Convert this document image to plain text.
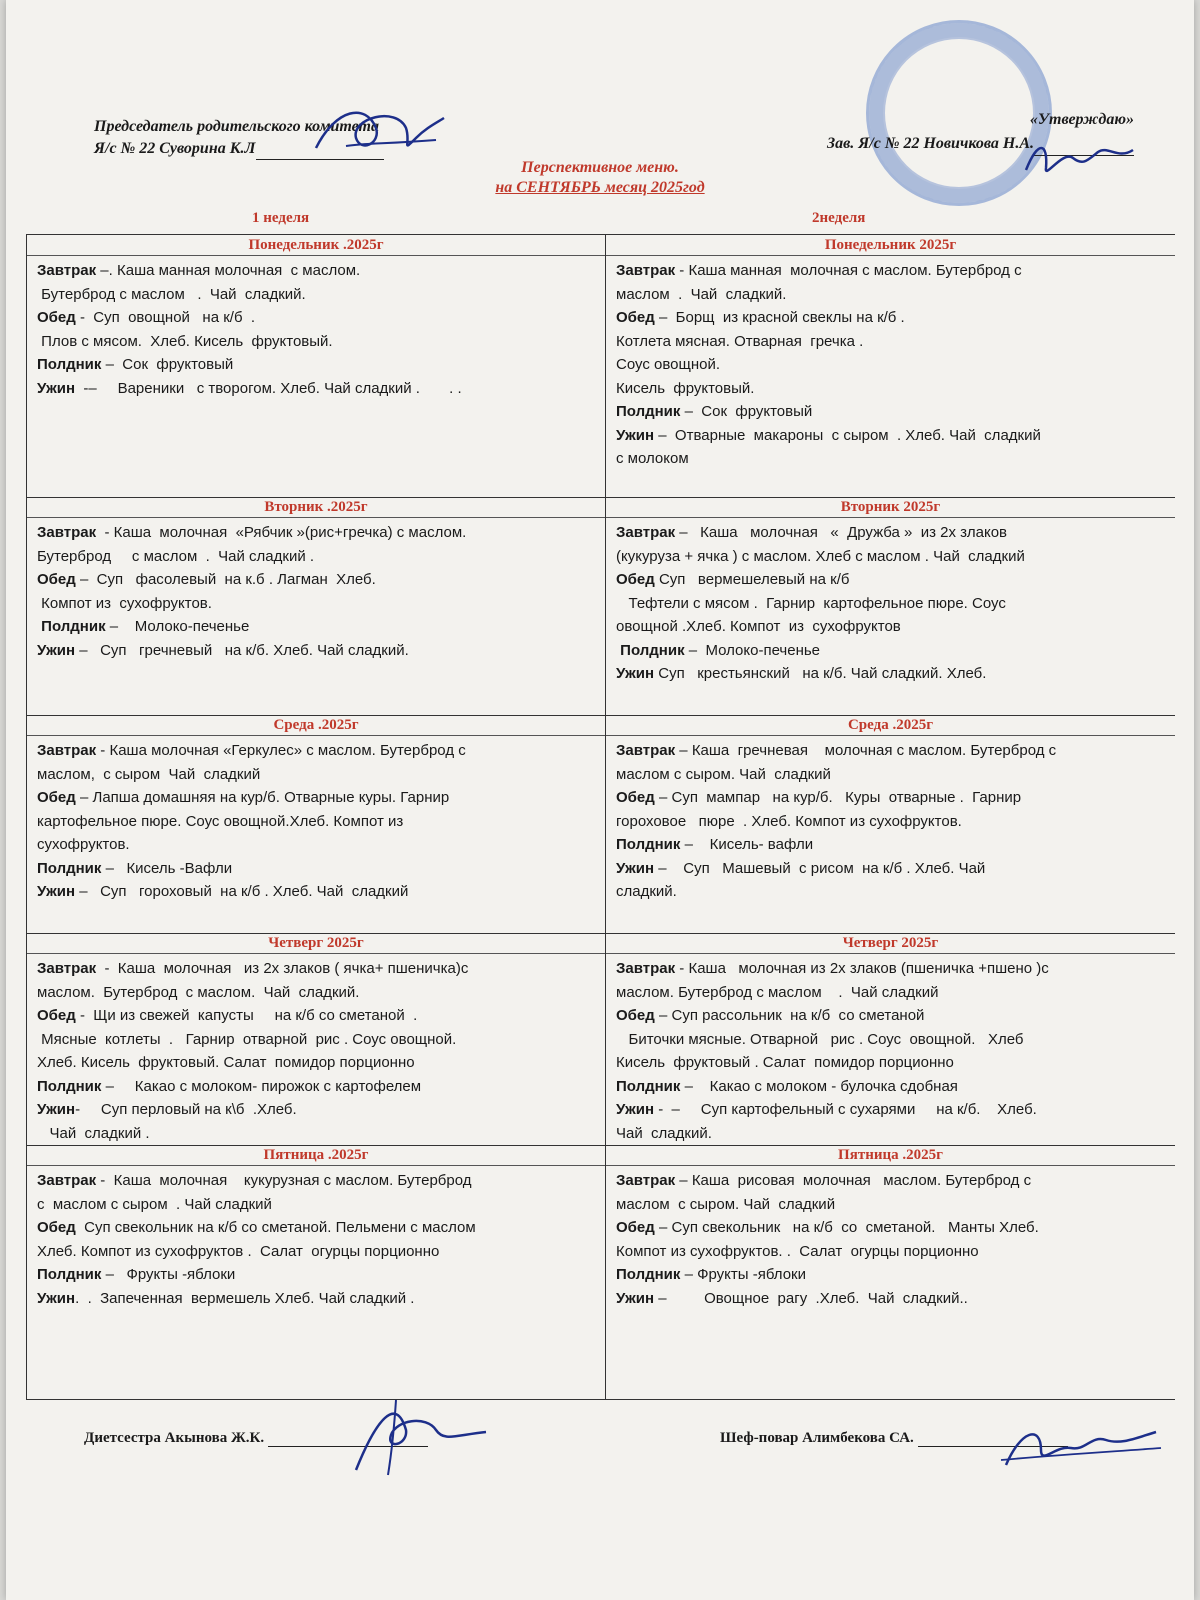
Председатель родительского комитета
Я/с № 22 Суворина К.Л
«Утверждаю»
Зав. Я/с № 22 Новичкова Н.А.
Перспективное меню.
на СЕНТЯБРЬ месяц 2025год
1 неделя	2неделя
Понедельник .2025г
Завтрак –. Каша манная молочная  с маслом.
Бутерброд с маслом   .  Чай  сладкий.
Обед -  Суп  овощной   на к/б  .
Плов с мясом.  Хлеб. Кисель  фруктовый.
Полдник –  Сок  фруктовый
Ужин  -–     Вареники   с творогом. Хлеб. Чай сладкий .       . .
Вторник .2025г
Завтрак  - Каша  молочная  «Рябчик »(рис+гречка) с маслом.
Бутерброд     с маслом  .  Чай сладкий .
Обед –  Суп   фасолевый  на к.б . Лагман  Хлеб.
Компот из  сухофруктов.
Полдник –    Молоко-печенье
Ужин –   Суп   гречневый   на к/б. Хлеб. Чай сладкий.
Среда .2025г
Завтрак - Каша молочная «Геркулес» с маслом. Бутерброд с
маслом,  с сыром  Чай  сладкий
Обед – Лапша домашняя на кур/б. Отварные куры. Гарнир
картофельное пюре. Соус овощной.Хлеб. Компот из
сухофруктов.
Полдник –   Кисель -Вафли
Ужин –   Суп   гороховый  на к/б . Хлеб. Чай  сладкий
Четверг 2025г
Завтрак  -  Каша  молочная   из 2х злаков ( ячка+ пшеничка)с
маслом.  Бутерброд  с маслом.  Чай  сладкий.
Обед -  Щи из свежей  капусты     на к/б со сметаной  .
Мясные  котлеты  .   Гарнир  отварной  рис . Соус овощной.
Хлеб. Кисель  фруктовый. Салат  помидор порционно
Полдник –     Какао с молоком- пирожок с картофелем
Ужин-     Суп перловый на к\б  .Хлеб.
Чай  сладкий .
Пятница .2025г
Завтрак -  Каша  молочная    кукурузная с маслом. Бутерброд
с  маслом с сыром  . Чай сладкий
Обед Суп свекольник на к/б со сметаной. Пельмени с маслом
Хлеб. Компот из сухофруктов .  Салат  огурцы порционно
Полдник –   Фрукты -яблоки
Ужин.  .  Запеченная  вермешель Хлеб. Чай сладкий .
Понедельник 2025г
Завтрак - Каша манная  молочная с маслом. Бутерброд с
маслом  .  Чай  сладкий.
Обед –  Борщ  из красной свеклы на к/б .
Котлета мясная. Отварная  гречка .
Соус овощной.
Кисель  фруктовый.
Полдник –  Сок  фруктовый
Ужин –  Отварные  макароны  с сыром  . Хлеб. Чай  сладкий
с молоком
Вторник 2025г
Завтрак –   Каша   молочная   «  Дружба »  из 2х злаков
(кукуруза + ячка ) с маслом. Хлеб с маслом . Чай  сладкий
Обед Суп   вермешелевый на к/б
Тефтели с мясом .  Гарнир  картофельное пюре. Соус
овощной .Хлеб. Компот  из  сухофруктов
Полдник –  Молоко-печенье
Ужин Суп   крестьянский   на к/б. Чай сладкий. Хлеб.
Среда .2025г
Завтрак – Каша  гречневая    молочная с маслом. Бутерброд с
маслом с сыром. Чай  сладкий
Обед – Суп  мампар   на кур/б.   Куры  отварные .  Гарнир
гороховое   пюре  . Хлеб. Компот из сухофруктов.
Полдник –    Кисель- вафли
Ужин –    Суп   Машевый  с рисом  на к/б . Хлеб. Чай
сладкий.
Четверг 2025г
Завтрак - Каша   молочная из 2х злаков (пшеничка +пшено )с
маслом. Бутерброд с маслом    .  Чай сладкий
Обед – Суп рассольник  на к/б  со сметаной
Биточки мясные. Отварной   рис . Соус  овощной.   Хлеб
Кисель  фруктовый . Салат  помидор порционно
Полдник –    Какао с молоком - булочка сдобная
Ужин -  –     Суп картофельный с сухарями     на к/б.    Хлеб.
Чай  сладкий.
Пятница .2025г
Завтрак – Каша  рисовая  молочная   маслом. Бутерброд с
маслом  с сыром. Чай  сладкий
Обед – Суп свекольник   на к/б  со  сметаной.   Манты Хлеб.
Компот из сухофруктов. .  Салат  огурцы порционно
Полдник – Фрукты -яблоки
Ужин –         Овощное  рагу  .Хлеб.  Чай  сладкий..
Диетсестра Акынова Ж.К.	Шеф-повар Алимбекова СА.
